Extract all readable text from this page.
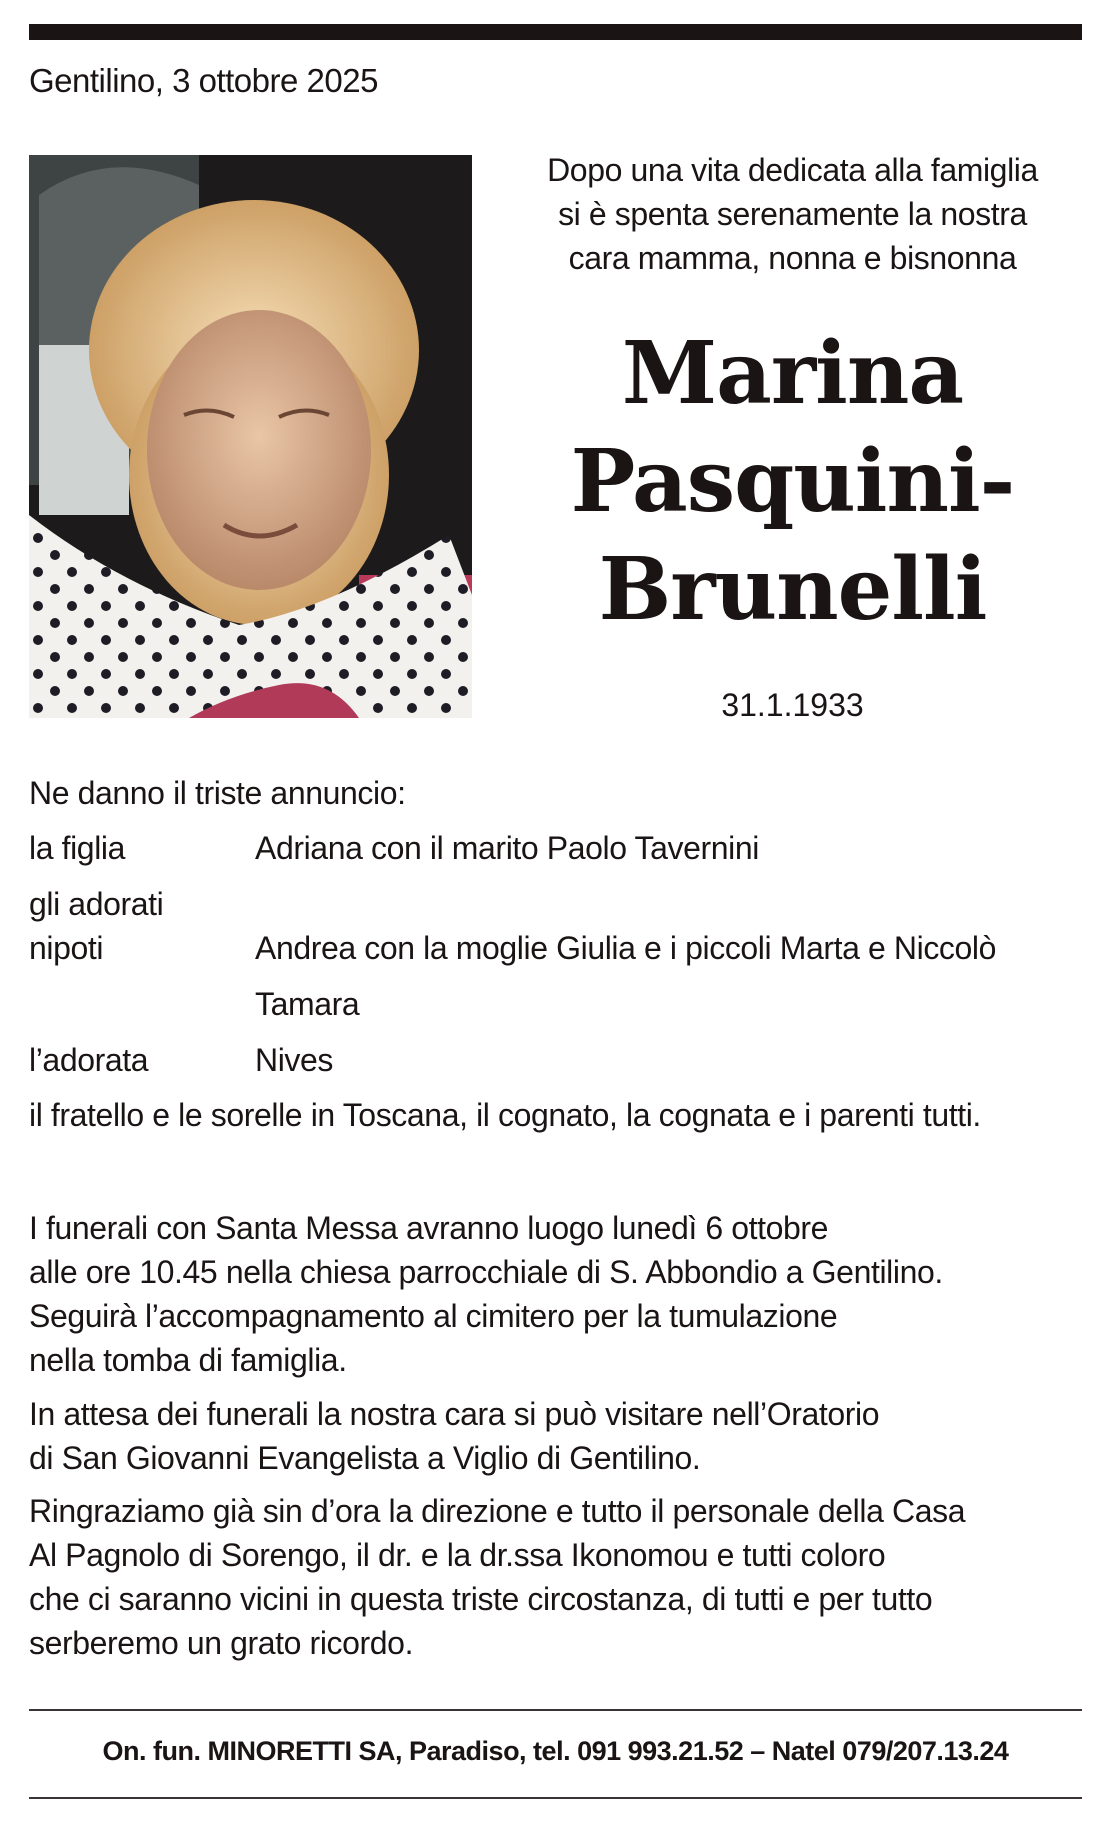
Gentilino, 3 ottobre 2025
Dopo una vita dedicata alla famiglia
si è spenta serenamente la nostra
cara mamma, nonna e bisnonna
Marina
Pasquini-
Brunelli
31.1.1933
Ne danno il triste annuncio:
la figlia	Adriana con il marito Paolo Tavernini
gli adorati
nipoti	Andrea con la moglie Giulia e i piccoli Marta e Niccolò
Tamara
l’adorata	Nives
il fratello e le sorelle in Toscana, il cognato, la cognata e i parenti tutti.
I funerali con Santa Messa avranno luogo lunedì 6 ottobre
alle ore 10.45 nella chiesa parrocchiale di S. Abbondio a Gentilino.
Seguirà l’accompagnamento al cimitero per la tumulazione
nella tomba di famiglia.
In attesa dei funerali la nostra cara si può visitare nell’Oratorio
di San Giovanni Evangelista a Viglio di Gentilino.
Ringraziamo già sin d’ora la direzione e tutto il personale della Casa
Al Pagnolo di Sorengo, il dr. e la dr.ssa Ikonomou e tutti coloro
che ci saranno vicini in questa triste circostanza, di tutti e per tutto
serberemo un grato ricordo.
On. fun. MINORETTI SA, Paradiso, tel. 091 993.21.52 – Natel 079/207.13.24
